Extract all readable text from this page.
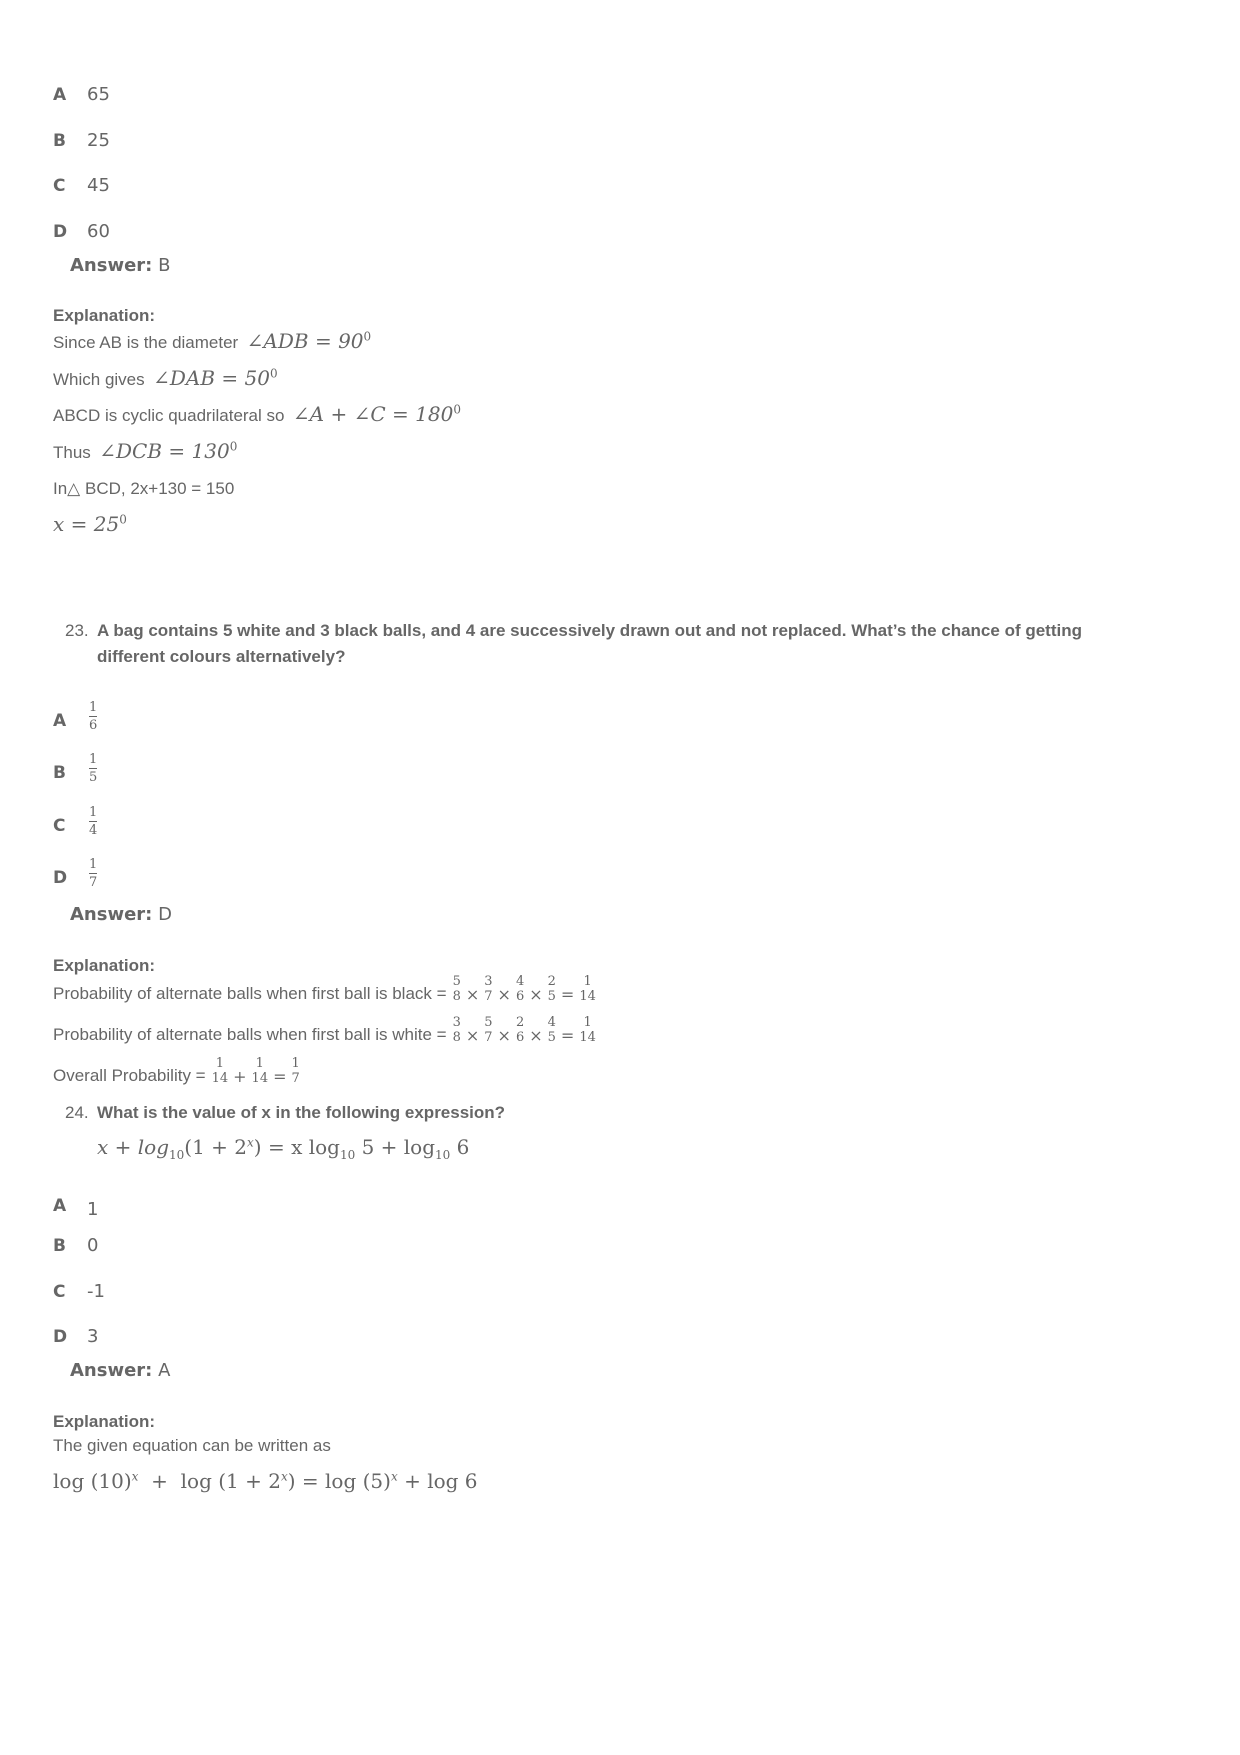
A 65
B 25
C 45
D 60
Answer: B
Explanation:
Since AB is the diameter ∠ADB = $90^0$
Which gives ∠DAB = $50^0$
ABCD is cyclic quadrilateral so ∠A + ∠C = $180^0$
Thus ∠DCB = $130^0$
In△ BCD, 2x+130 = 150
$x = 25^0$
23. A bag contains 5 white and 3 black balls, and 4 are successively drawn out and not replaced. What’s the chance of getting different colours alternatively?
A
1
6
B
1
5
C
1
4
D
1
7
Answer: D
Explanation:
Probability of alternate balls when first ball is black =
5
8 ×
3
7 ×
4
6 ×
2
5 =
1
14
Probability of alternate balls when first ball is white =
3
8 ×
5
7 ×
2
6 ×
4
5 =
1
14
Overall Probability =
1
14 +
1
14 =
1
7
24. What is the value of x in the following expression?
$x + \log_{10}(1 + 2^x) = x$ $\log_{10} 5 + \log_{10} 6$
A 1
B 0
C -1
D 3
Answer: A
Explanation:
The given equation can be written as
$\log (10)^x + \log (1 + 2^x) = \log (5)^x + \log 6$
